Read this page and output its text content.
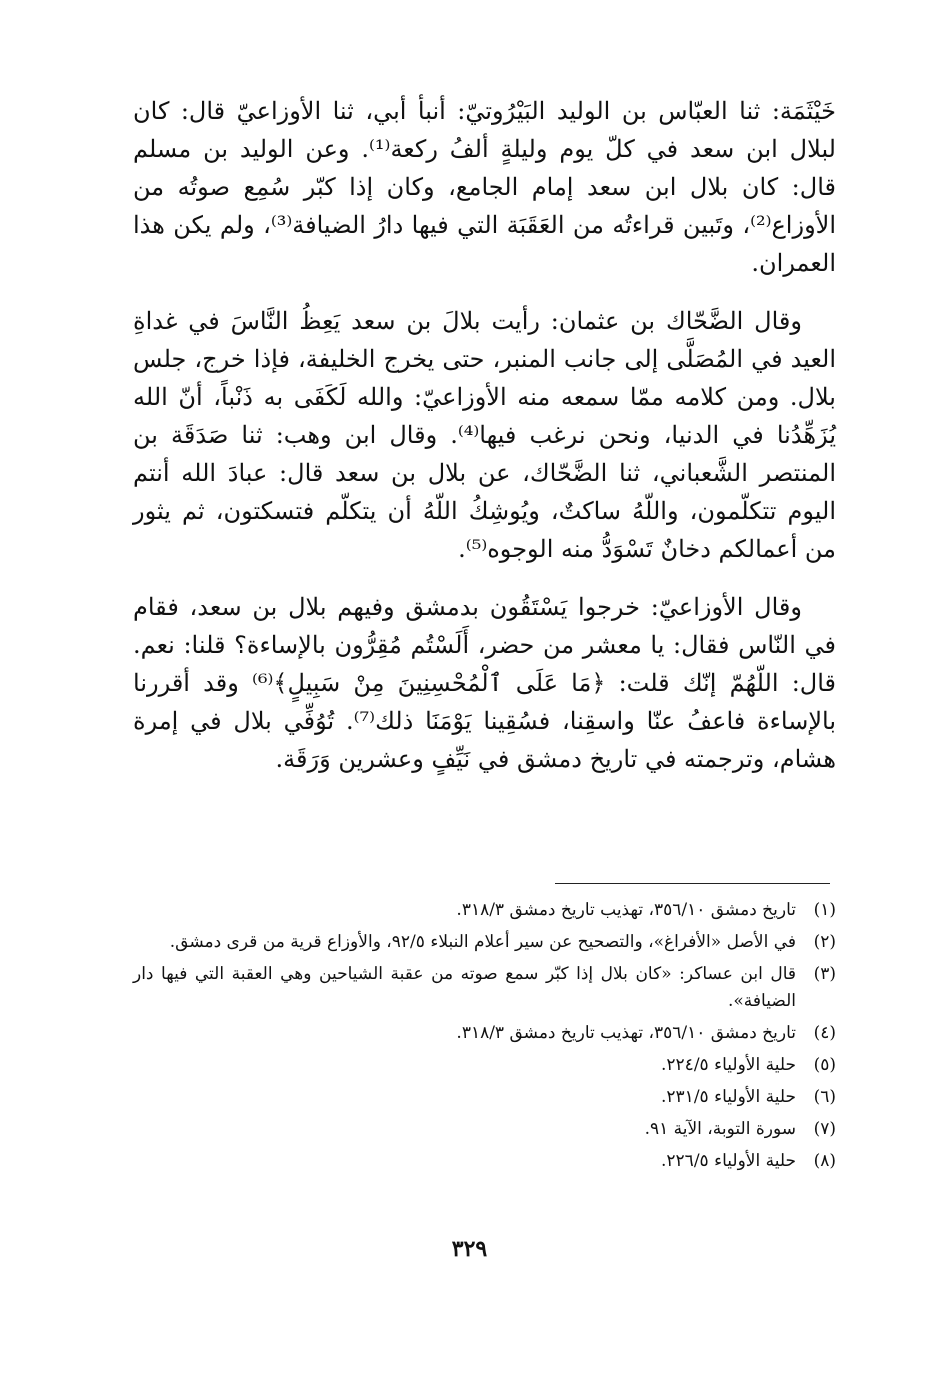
خَيْثَمَة: ثنا العبّاس بن الوليد البَيْرُوتيّ: أنبأ أبي، ثنا الأوزاعيّ قال: كان لبلال ابن سعد في كلّ يوم وليلةٍ ألفُ ركعة⁽¹⁾. وعن الوليد بن مسلم قال: كان بلال ابن سعد إمام الجامع، وكان إذا كبّر سُمِع صوتُه من الأوزاع⁽²⁾، وتَبين قراءتُه من العَقَبَة التي فيها دارُ الضيافة⁽³⁾، ولم يكن هذا العمران.

وقال الضَّحّاك بن عثمان: رأيت بلالَ بن سعد يَعِظُ النَّاسَ في غداةِ العيد في المُصَلَّى إلى جانب المنبر، حتى يخرج الخليفة، فإذا خرج، جلس بلال. ومن كلامه ممّا سمعه منه الأوزاعيّ: والله لَكَفَى به ذَنْباً، أنّ الله يُزَهِّدُنا في الدنيا، ونحن نرغب فيها⁽⁴⁾. وقال ابن وهب: ثنا صَدَقَة بن المنتصر الشَّعباني، ثنا الضَّحّاك، عن بلال بن سعد قال: عبادَ الله أنتم اليوم تتكلّمون، واللّهُ ساكتٌ، ويُوشِكُ اللّهُ أن يتكلّم فتسكتون، ثم يثور من أعمالكم دخانٌ تَسْوَدُّ منه الوجوه⁽⁵⁾.

وقال الأوزاعيّ: خرجوا يَسْتَقُون بدمشق وفيهم بلال بن سعد، فقام في النّاس فقال: يا معشر من حضر، أَلَسْتُم مُقِرُّون بالإساءة؟ قلنا: نعم. قال: اللّهُمّ إنّك قلت: ﴿مَا عَلَى ٱلْمُحْسِنِينَ مِنْ سَبِيلٍ﴾⁽⁶⁾ وقد أقررنا بالإساءة فاعفُ عنّا واسقِنا، فسُقِينا يَوْمَنَا ذلك⁽⁷⁾. تُوُفِّي بلال في إمرة هشام، وترجمته في تاريخ دمشق في نَيِّفٍ وعشرين وَرَقَة.

(١)
تاريخ دمشق ٣٥٦/١٠، تهذيب تاريخ دمشق ٣١٨/٣.
(٢)
في الأصل «الأفراغ»، والتصحيح عن سير أعلام النبلاء ٩٢/٥، والأوزاع قرية من قرى دمشق.
(٣)
قال ابن عساكر: «كان بلال إذا كبّر سمع صوته من عقبة الشياحين وهي العقبة التي فيها دار الضيافة».
(٤)
تاريخ دمشق ٣٥٦/١٠، تهذيب تاريخ دمشق ٣١٨/٣.
(٥)
حلية الأولياء ٢٢٤/٥.
(٦)
حلية الأولياء ٢٣١/٥.
(٧)
سورة التوبة، الآية ٩١.
(٨)
حلية الأولياء ٢٢٦/٥.
٣٢٩
